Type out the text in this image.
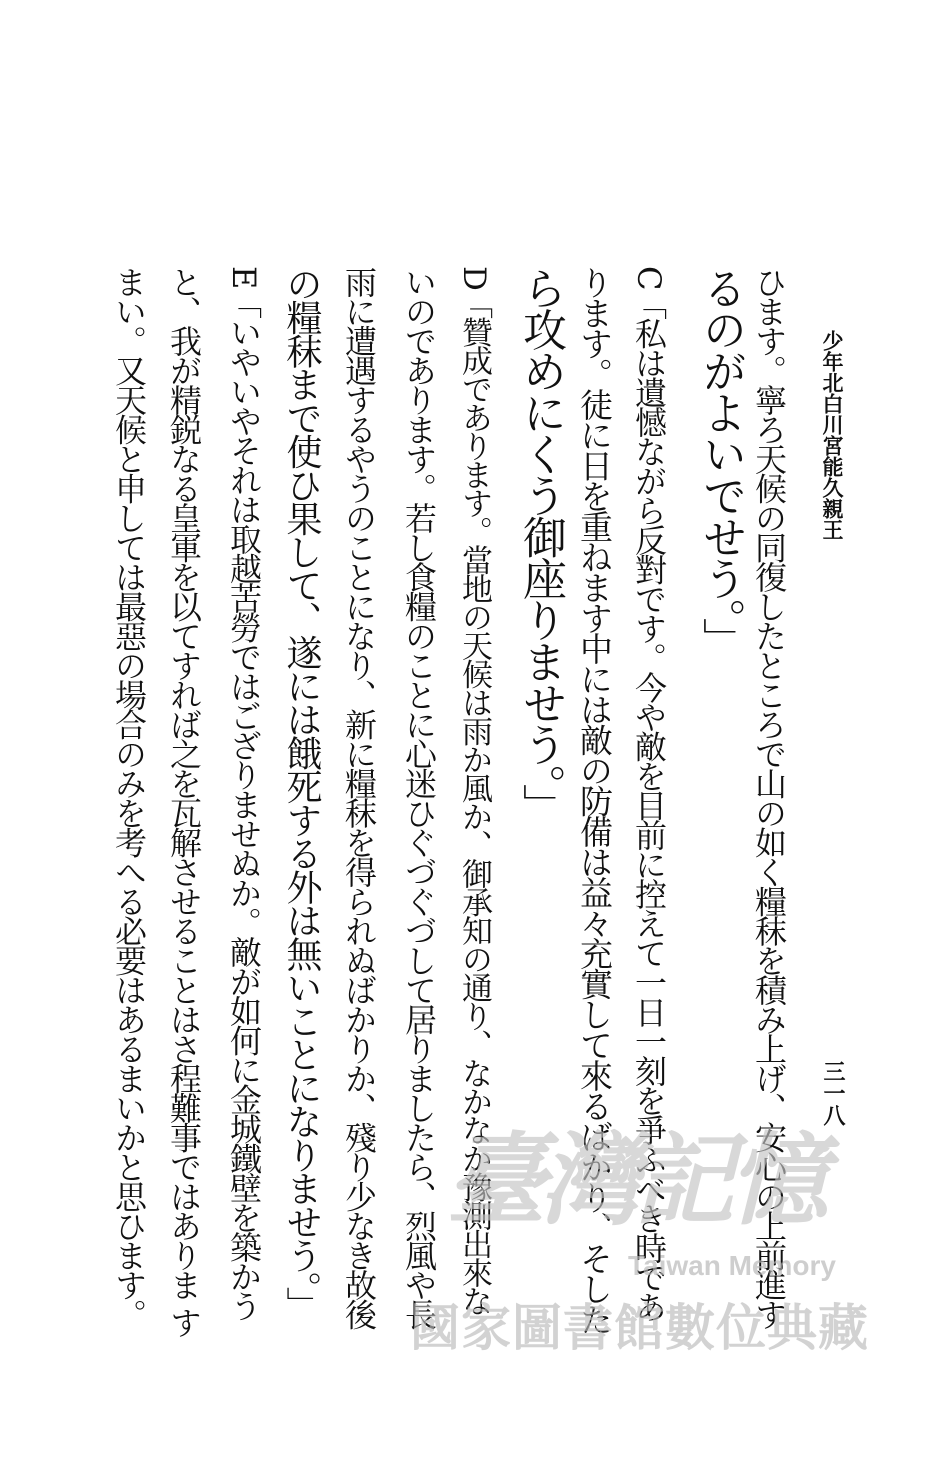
少年北白川宮能久親王
三一八
ひます。寧ろ天候の同復したところで山の如く糧秣を積み上げ、安心の上前進す
るのがよいでせう。」
C「私は遺憾ながら反對です。今や敵を目前に控えて一日一刻を爭ふべき時であ
ります。徒に日を重ねます中には敵の防備は益々充實して來るばかり、そした
ら攻めにくう御座りませう。」
D「贊成であります。當地の天候は雨か風か、御承知の通り、なかなか豫測出來な
いのであります。若し食糧のことに心迷ひぐづぐづして居りましたら、烈風や長
雨に遭遇するやうのことになり、新に糧秣を得られぬばかりか、殘り少なき故後
の糧秣まで使ひ果して、遂には餓死する外は無いことになりませう。」
E「いやいやそれは取越苦勞ではござりませぬか。敵が如何に金城鐵壁を築かう
と、我が精鋭なる皇軍を以てすれば之を瓦解させることはさ程難事ではありま す
まい。又天候と申しては最惡の場合のみを考へる必要はあるまいかと思ひます。	臺灣記憶
Taiwan Memory
國家圖書館數位典藏
